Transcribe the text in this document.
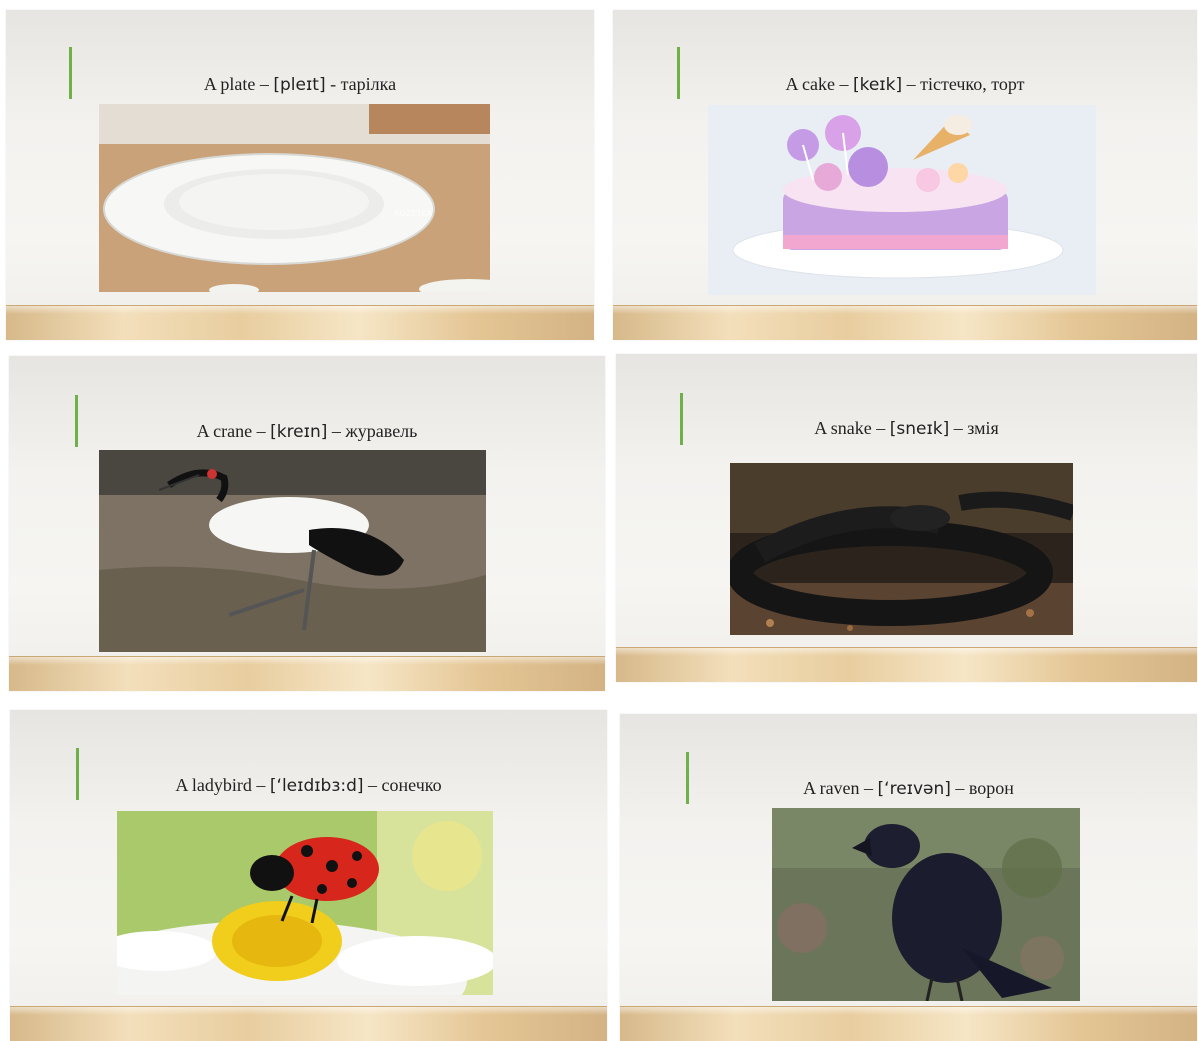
A plate – [pleɪt] - тарілка
ROZETKA
A cake – [keɪk] – тістечко, торт
A crane – [kreɪn] – журавель	A snake – [sneɪk] – змія
A ladybird – [‘leɪdɪbɜ:d] – сонечко	A raven – [‘reɪvən] – ворон
